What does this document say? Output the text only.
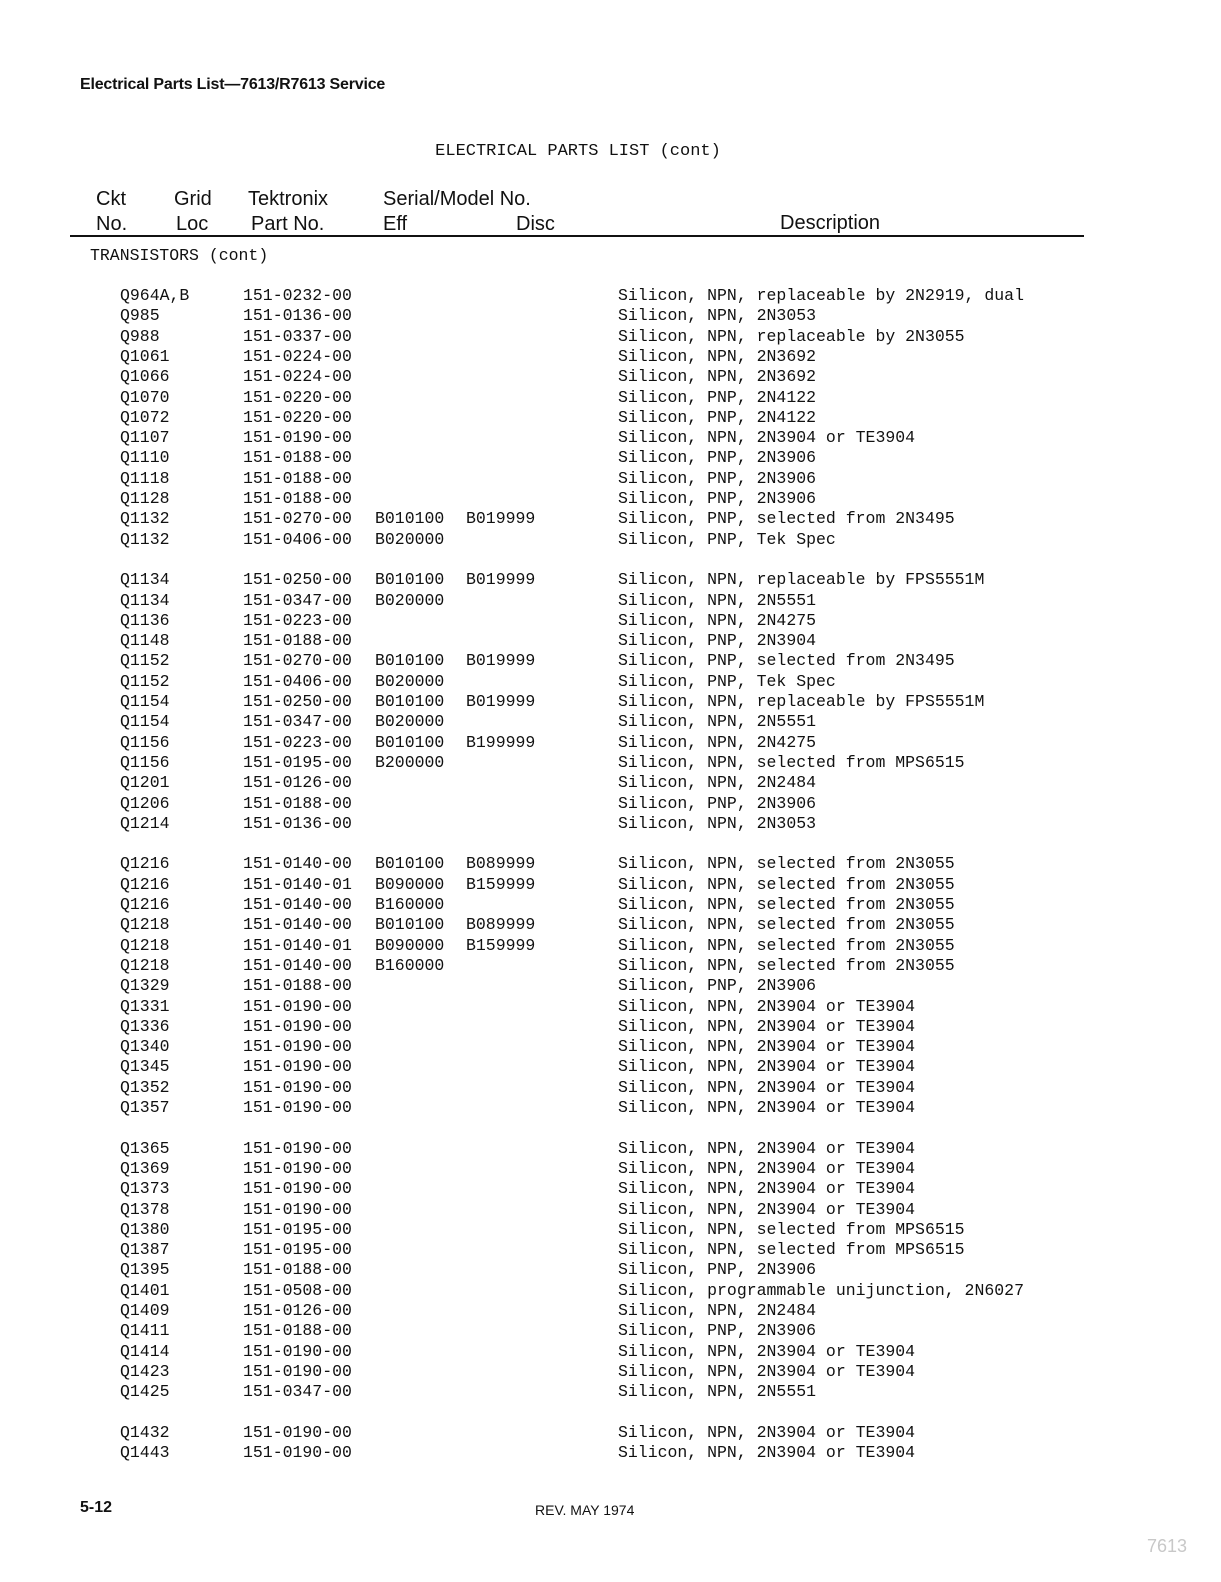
Electrical Parts List—7613/R7613 Service
ELECTRICAL PARTS LIST (cont)
Ckt
No.
Grid
Loc
Tektronix
Part No.
Serial/Model No.
Eff	Disc	Description
TRANSISTORS (cont)
Q964A,B	151-0232-00	Silicon, NPN, replaceable by 2N2919, dual
Q985	151-0136-00	Silicon, NPN, 2N3053
Q988	151-0337-00	Silicon, NPN, replaceable by 2N3055
Q1061	151-0224-00	Silicon, NPN, 2N3692
Q1066	151-0224-00	Silicon, NPN, 2N3692
Q1070	151-0220-00	Silicon, PNP, 2N4122
Q1072	151-0220-00	Silicon, PNP, 2N4122
Q1107	151-0190-00	Silicon, NPN, 2N3904 or TE3904
Q1110	151-0188-00	Silicon, PNP, 2N3906
Q1118	151-0188-00	Silicon, PNP, 2N3906
Q1128	151-0188-00	Silicon, PNP, 2N3906
Q1132	151-0270-00 B010100 B019999	Silicon, PNP, selected from 2N3495
Q1132	151-0406-00 B020000	Silicon, PNP, Tek Spec
Q1134	151-0250-00 B010100 B019999	Silicon, NPN, replaceable by FPS5551M
Q1134	151-0347-00 B020000	Silicon, NPN, 2N5551
Q1136	151-0223-00	Silicon, NPN, 2N4275
Q1148	151-0188-00	Silicon, PNP, 2N3904
Q1152	151-0270-00 B010100 B019999	Silicon, PNP, selected from 2N3495
Q1152	151-0406-00 B020000	Silicon, PNP, Tek Spec
Q1154	151-0250-00 B010100 B019999	Silicon, NPN, replaceable by FPS5551M
Q1154	151-0347-00 B020000	Silicon, NPN, 2N5551
Q1156	151-0223-00 B010100 B199999	Silicon, NPN, 2N4275
Q1156	151-0195-00 B200000	Silicon, NPN, selected from MPS6515
Q1201	151-0126-00	Silicon, NPN, 2N2484
Q1206	151-0188-00	Silicon, PNP, 2N3906
Q1214	151-0136-00	Silicon, NPN, 2N3053
Q1216	151-0140-00 B010100 B089999	Silicon, NPN, selected from 2N3055
Q1216	151-0140-01 B090000 B159999	Silicon, NPN, selected from 2N3055
Q1216	151-0140-00 B160000	Silicon, NPN, selected from 2N3055
Q1218	151-0140-00 B010100 B089999	Silicon, NPN, selected from 2N3055
Q1218	151-0140-01 B090000 B159999	Silicon, NPN, selected from 2N3055
Q1218	151-0140-00 B160000	Silicon, NPN, selected from 2N3055
Q1329	151-0188-00	Silicon, PNP, 2N3906
Q1331	151-0190-00	Silicon, NPN, 2N3904 or TE3904
Q1336	151-0190-00	Silicon, NPN, 2N3904 or TE3904
Q1340	151-0190-00	Silicon, NPN, 2N3904 or TE3904
Q1345	151-0190-00	Silicon, NPN, 2N3904 or TE3904
Q1352	151-0190-00	Silicon, NPN, 2N3904 or TE3904
Q1357	151-0190-00	Silicon, NPN, 2N3904 or TE3904
Q1365	151-0190-00	Silicon, NPN, 2N3904 or TE3904
Q1369	151-0190-00	Silicon, NPN, 2N3904 or TE3904
Q1373	151-0190-00	Silicon, NPN, 2N3904 or TE3904
Q1378	151-0190-00	Silicon, NPN, 2N3904 or TE3904
Q1380	151-0195-00	Silicon, NPN, selected from MPS6515
Q1387	151-0195-00	Silicon, NPN, selected from MPS6515
Q1395	151-0188-00	Silicon, PNP, 2N3906
Q1401	151-0508-00	Silicon, programmable unijunction, 2N6027
Q1409	151-0126-00	Silicon, NPN, 2N2484
Q1411	151-0188-00	Silicon, PNP, 2N3906
Q1414	151-0190-00	Silicon, NPN, 2N3904 or TE3904
Q1423	151-0190-00	Silicon, NPN, 2N3904 or TE3904
Q1425	151-0347-00	Silicon, NPN, 2N5551
Q1432	151-0190-00	Silicon, NPN, 2N3904 or TE3904
Q1443	151-0190-00	Silicon, NPN, 2N3904 or TE3904
5-12	REV. MAY 1974
7613
